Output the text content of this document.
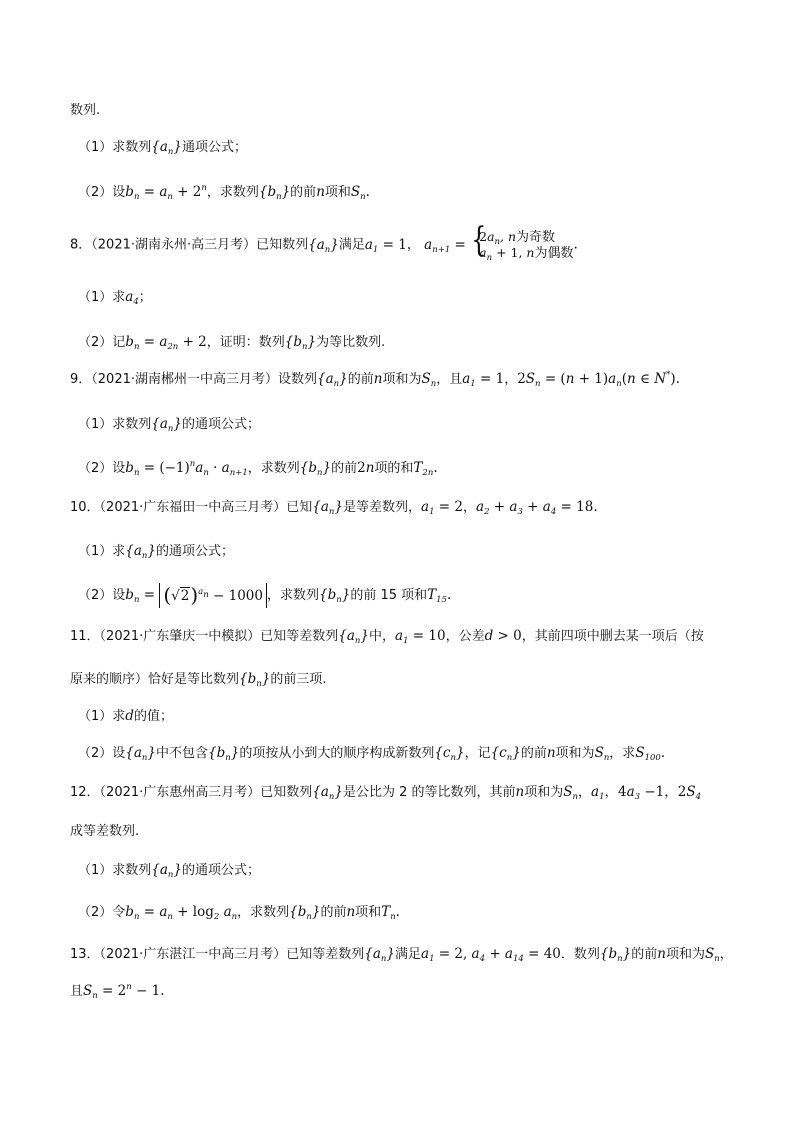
数列.
（1）求数列$\{a_n\}$通项公式；
（2）设$b_n = a_n + 2^n$，求数列$\{b_n\}$的前n项和$S_n$.
8．（2021·湖南永州·高三月考）已知数列$\{a_n\}$满足$a_1 = 1$， $a_{n+1}$ =
{ $2a_n$, n为奇数
$a_n + 1$, n为偶数
.
（1）求$a_4$；
（2）记$b_n = a_{2n} + 2$，证明：数列$\{b_n\}$为等比数列.
9．（2021·湖南郴州一中高三月考）设数列$\{a_n\}$的前n项和为$S_n$，且$a_1 = 1$，$2S_n = (n + 1)a_n(n$ ∈ N*).
（1）求数列$\{a_n\}$的通项公式；
（2）设$b_n = (-1)^na_n \cdot a_{n+1}$，求数列$\{b_n\}$的前2n项的和$T_{2n}$.
10．（2021·广东福田一中高三月考）已知$\{a_n\}$是等差数列，$a_1 = 2$，$a_2 + a_3 + a_4 = 18$.
（1）求$\{a_n\}$的通项公式；
（2）设$b_n = (√2)^{a_n} - 1000$ ，求数列$\{b_n\}$的前 15 项和$T_{15}$.
11．（2021·广东肇庆一中模拟）已知等差数列$\{a_n\}$中，$a_1 = 10$，公差d > 0，其前四项中删去某一项后（按
原来的顺序）恰好是等比数列$\{b_n\}$的前三项.
（1）求d的值；
（2）设$\{a_n\}$中不包含$\{b_n\}$的项按从小到大的顺序构成新数列$\{c_n\}$，记$\{c_n\}$的前n项和为$S_n$，求$S_{100}$.
12．（2021·广东惠州高三月考）已知数列$\{a_n\}$是公比为 2 的等比数列，其前n项和为$S_n$，$a_1$，$4a_3 -1$，$2S_4$
成等差数列.
（1）求数列$\{a_n\}$的通项公式；
（2）令$b_n = a_n + \log_2 a_n$，求数列$\{b_n\}$的前n项和$T_n$.
13．（2021·广东湛江一中高三月考）已知等差数列$\{a_n\}$满足$a_1 = 2$, $a_4 + a_{14} = 40$．数列$\{b_n\}$的前n项和为$S_n$，
且$S_n = 2^n - 1$.
